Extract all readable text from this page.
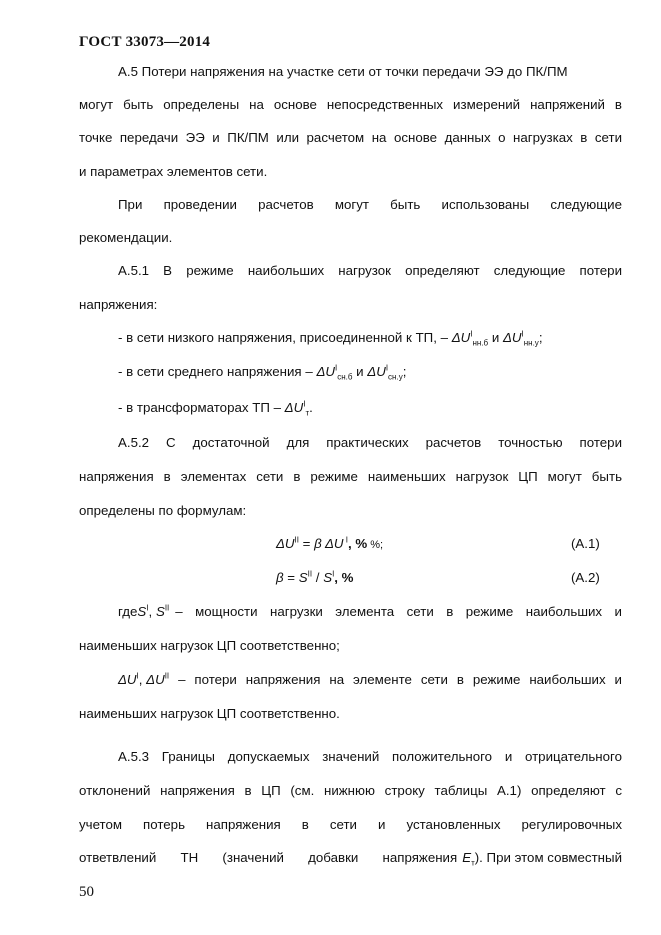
ГОСТ 33073—2014
А.5 Потери напряжения на участке сети от точки передачи ЭЭ до ПК/ПМ
могут быть определены на основе непосредственных измерений напряжений в
точке передачи ЭЭ и ПК/ПМ или расчетом на основе данных о нагрузках в сети
и параметрах элементов сети.
При проведении расчетов могут быть использованы следующие
рекомендации.
А.5.1 В режиме наибольших нагрузок определяют следующие потери
напряжения:
- в сети низкого напряжения, присоединенной к ТП, – $\Delta U^I_{нн.б}$ и $\Delta U^I_{нн.у}$;
- в сети среднего напряжения – $\Delta U^I_{сн.б}$ и $\Delta U^I_{сн.у}$;
- в трансформаторах ТП – $\Delta U^I_т$.
А.5.2 С достаточной для практических расчетов точностью потери
напряжения в элементах сети в режиме наименьших нагрузок ЦП могут быть
определены по формулам:
$\Delta U^{II} = \beta$ ΔU $^I$, % %;	(А.1)
$\beta = S^{II} / S^I$, %	(А.2)
где $S^I$, $S^{II}$ – мощности нагрузки элемента сети в режиме наибольших и
наименьших нагрузок ЦП соответственно;
$\Delta U^I$, $\Delta U^{II}$ – потери напряжения на элементе сети в режиме наибольших и
наименьших нагрузок ЦП соответственно.
А.5.3 Границы допускаемых значений положительного и отрицательного
отклонений напряжения в ЦП (см. нижнюю строку таблицы А.1) определяют с
учетом потерь напряжения в сети и установленных регулировочных
ответвлений ТН (значений добавки напряжения $E_т$ ). При этом совместный
50
